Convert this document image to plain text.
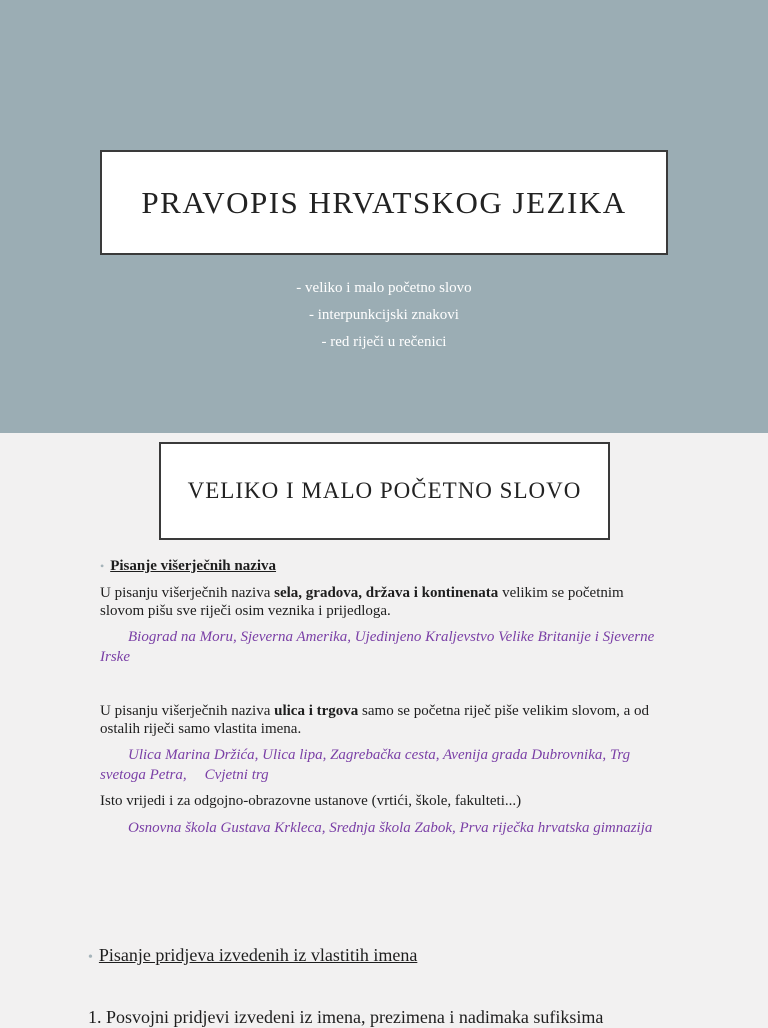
PRAVOPIS HRVATSKOG JEZIKA
- veliko i malo početno slovo
- interpunkcijski znakovi
- red riječi u rečenici
VELIKO I MALO POČETNO SLOVO
• Pisanje višerječnih naziva
U pisanju višerječnih naziva sela, gradova, država i kontinenata velikim se početnim slovom pišu sve riječi osim veznika i prijedloga.
Biograd na Moru, Sjeverna Amerika, Ujedinjeno Kraljevstvo Velike Britanije i Sjeverne Irske
U pisanju višerječnih naziva ulica i trgova samo se početna riječ piše velikim slovom, a od ostalih riječi samo vlastita imena.
Ulica Marina Držića, Ulica lipa, Zagrebačka cesta, Avenija grada Dubrovnika, Trg svetoga Petra, Cvjetni trg
Isto vrijedi i za odgojno-obrazovne ustanove (vrtići, škole, fakulteti...)
Osnovna škola Gustava Krkleca, Srednja škola Zabok, Prva riječka hrvatska gimnazija
• Pisanje pridjeva izvedenih iz vlastitih imena
1. Posvojni pridjevi izvedeni iz imena, prezimena i nadimaka sufiksima
